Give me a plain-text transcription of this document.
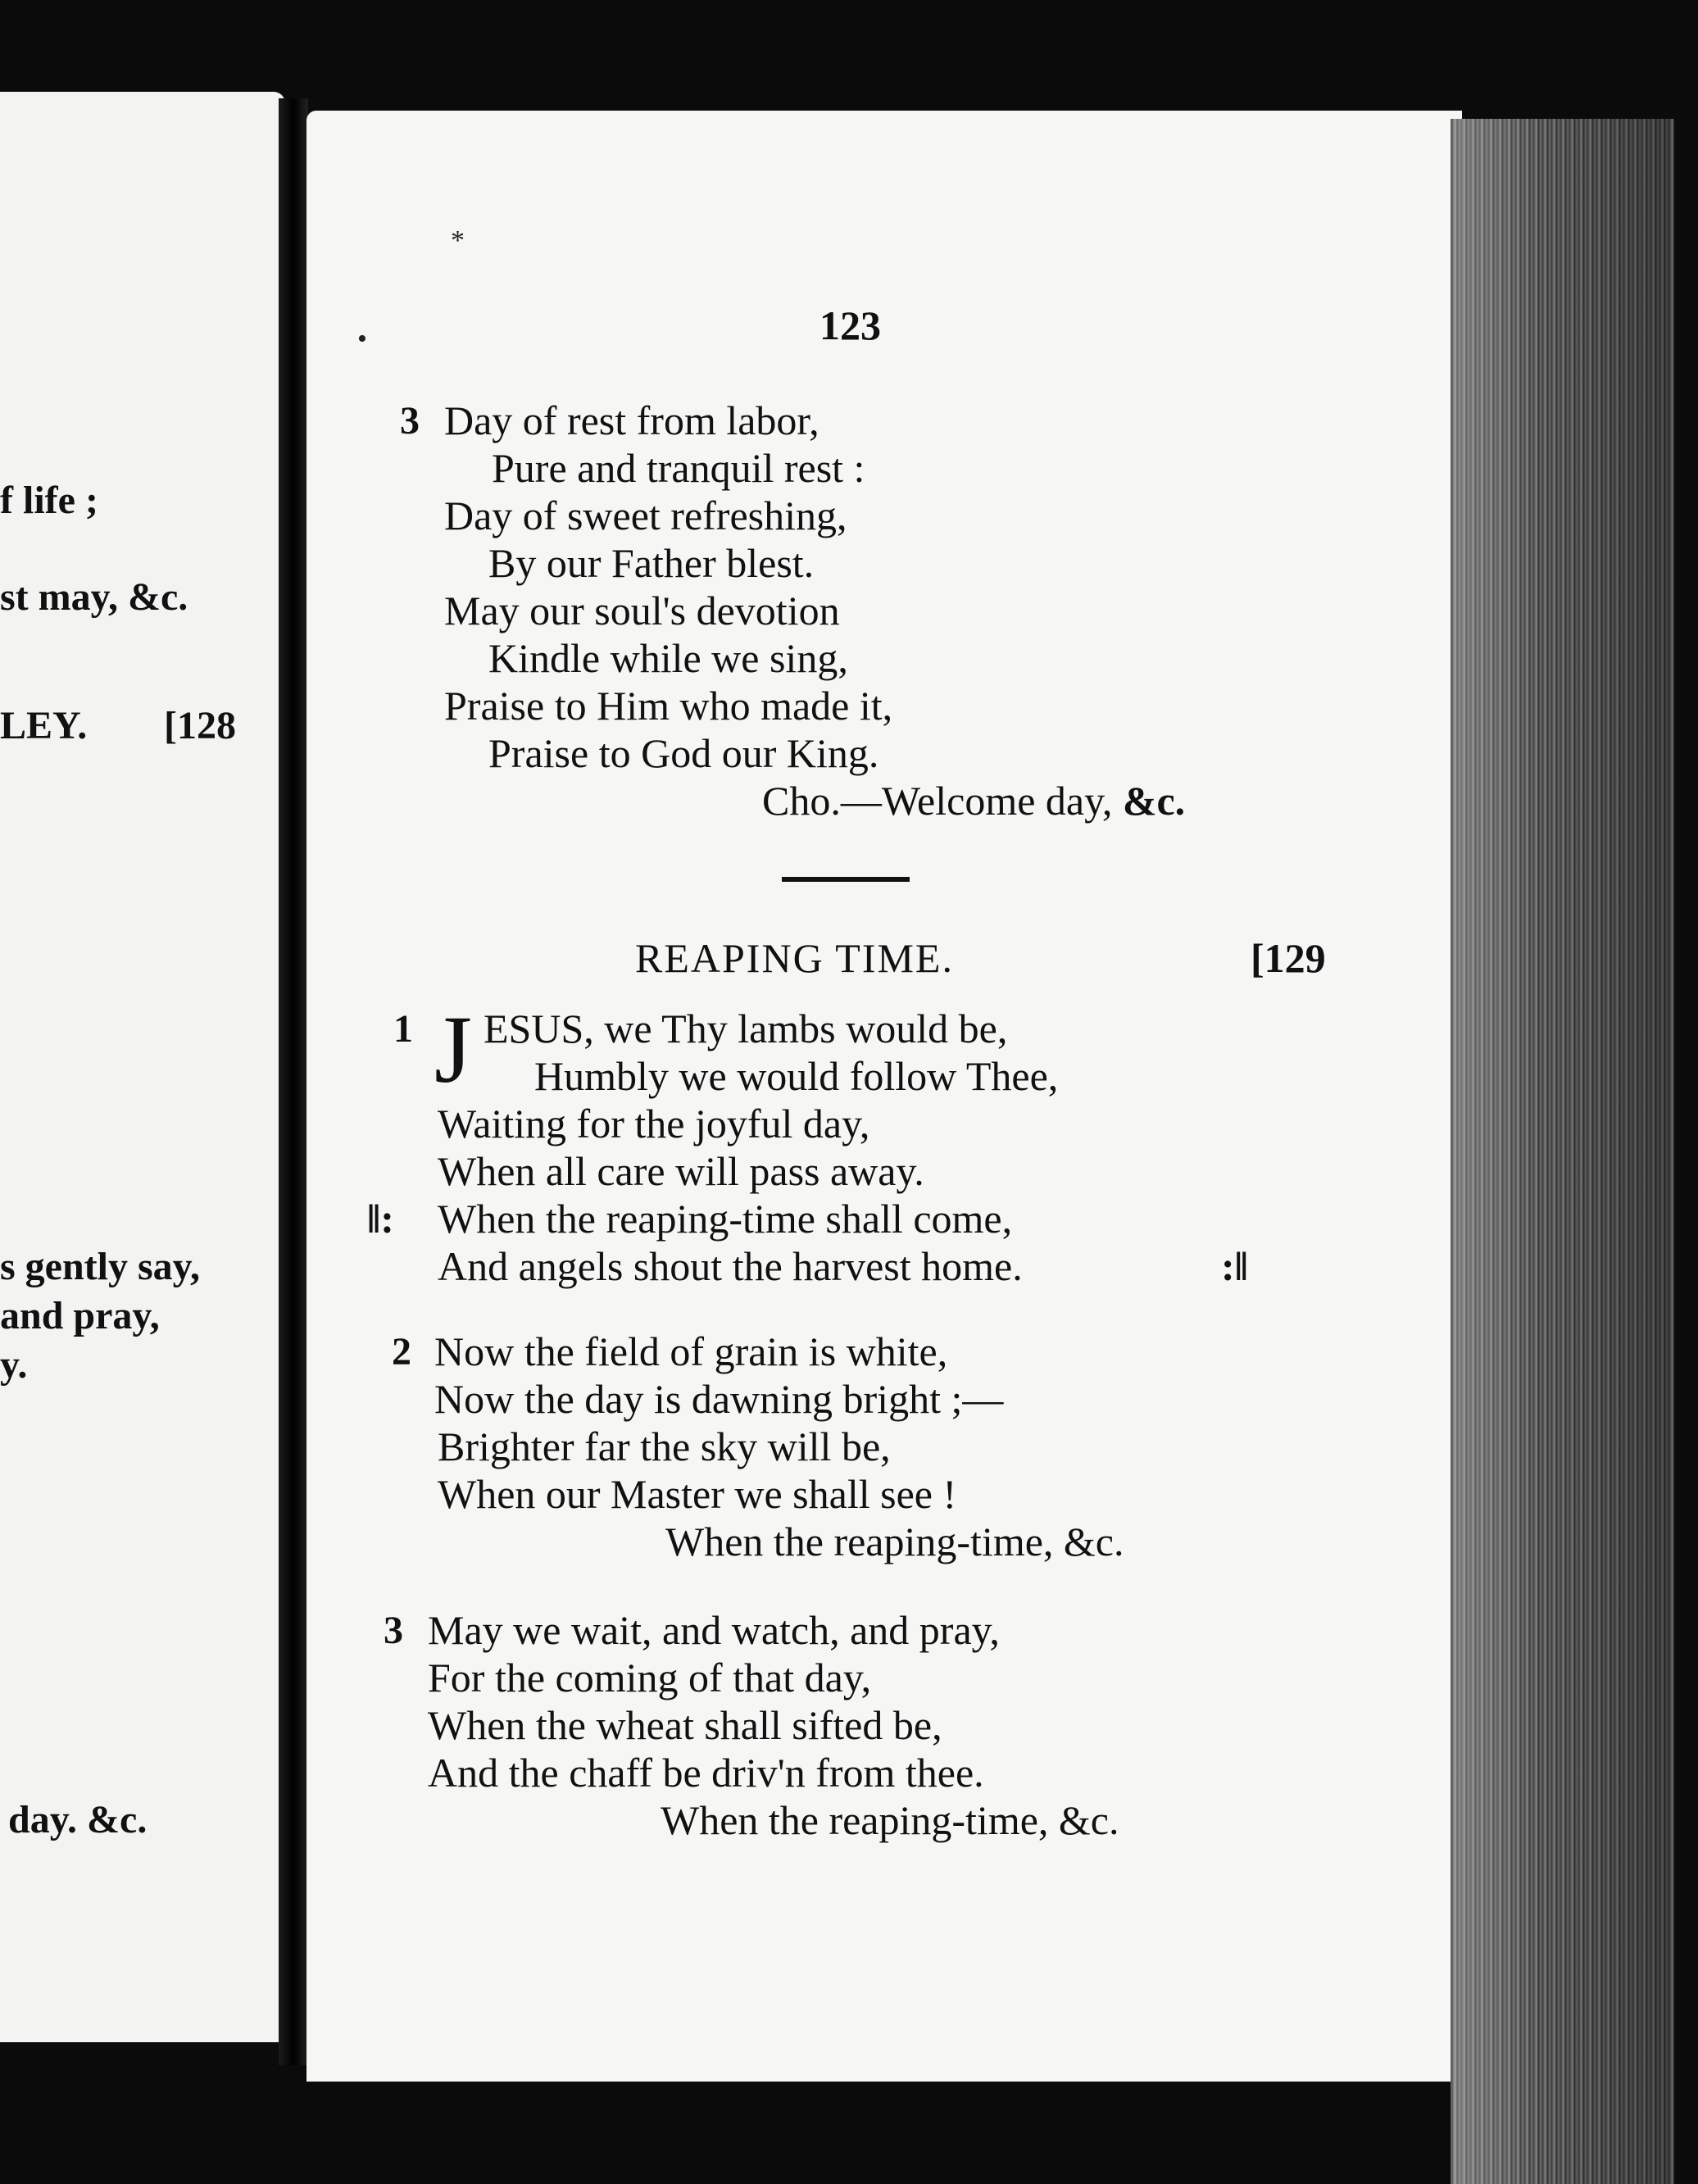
f life ;
st may, &c.
LEY. [128
s gently say,
and pray,
y.
day. &c.
*
•	123
3 Day of rest from labor,
Pure and tranquil rest :
Day of sweet refreshing,
By our Father blest.
May our soul's devotion
Kindle while we sing,
Praise to Him who made it,
Praise to God our King.
Cho.—Welcome day, &c.
REAPING TIME.	[129
1 J ESUS, we Thy lambs would be,
Humbly we would follow Thee,
Waiting for the joyful day,
When all care will pass away.
‖: When the reaping-time shall come,
And angels shout the harvest home.	:‖
2 Now the field of grain is white,
Now the day is dawning bright ;—
Brighter far the sky will be,
When our Master we shall see !
When the reaping-time, &c.
3 May we wait, and watch, and pray,
For the coming of that day,
When the wheat shall sifted be,
And the chaff be driv'n from thee.
When the reaping-time, &c.
